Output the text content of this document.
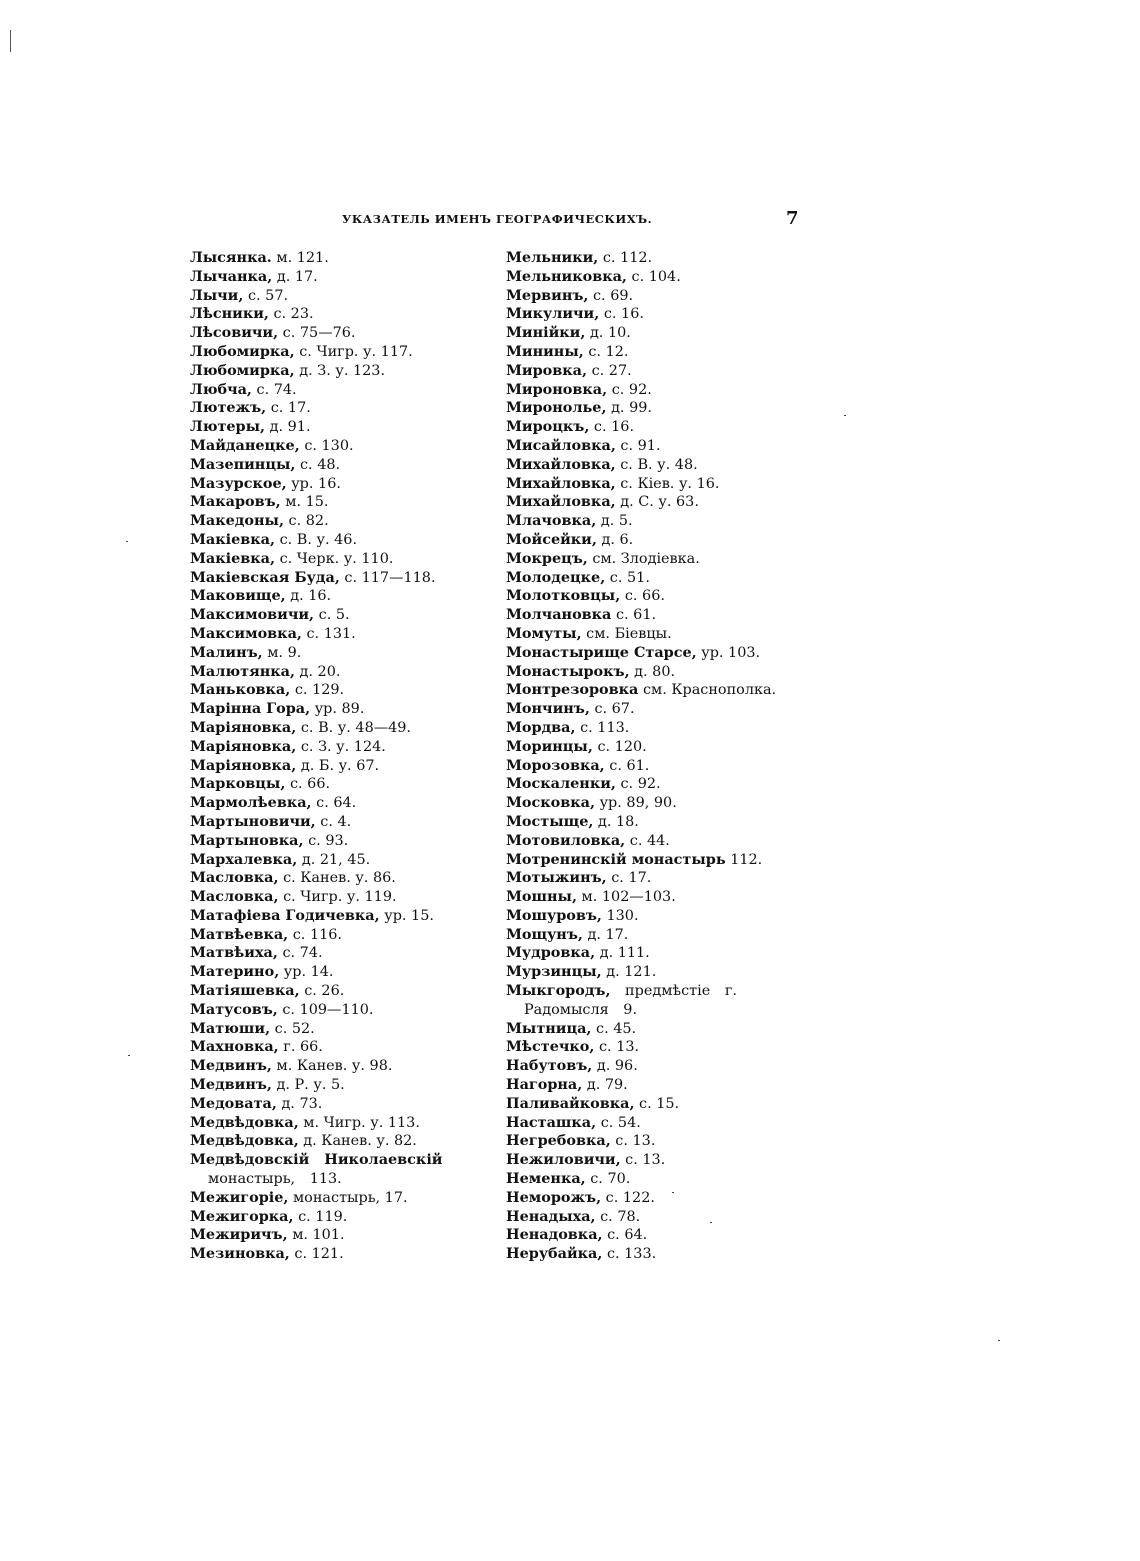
УКАЗАТЕЛЬ ИМЕНЪ ГЕОГРАФИЧЕСКИХЪ.	7
Лысянка. м. 121.
Лычанка, д. 17.
Лычи, с. 57.
Лѣсники, с. 23.
Лѣсовичи, с. 75—76.
Любомирка, с. Чигр. у. 117.
Любомирка, д. З. у. 123.
Любча, с. 74.
Лютежъ, с. 17.
Лютеры, д. 91.
Майданецке, с. 130.
Мазепинцы, с. 48.
Мазурское, ур. 16.
Макаровъ, м. 15.
Македоны, с. 82.
Макіевка, с. В. у. 46.
Макіевка, с. Черк. у. 110.
Макіевская Буда, с. 117—118.
Маковище, д. 16.
Максимовичи, с. 5.
Максимовка, с. 131.
Малинъ, м. 9.
Малютянка, д. 20.
Маньковка, с. 129.
Марінна Гора, ур. 89.
Маріяновка, с. В. у. 48—49.
Маріяновка, с. З. у. 124.
Маріяновка, д. Б. у. 67.
Марковцы, с. 66.
Мармолѣевка, с. 64.
Мартыновичи, с. 4.
Мартыновка, с. 93.
Мархалевка, д. 21, 45.
Масловка, с. Канев. у. 86.
Масловка, с. Чигр. у. 119.
Матафіева Годичевка, ур. 15.
Матвѣевка, с. 116.
Матвѣиха, с. 74.
Материно, ур. 14.
Матіяшевка, с. 26.
Матусовъ, с. 109—110.
Матюши, с. 52.
Махновка, г. 66.
Медвинъ, м. Канев. у. 98.
Медвинъ, д. Р. у. 5.
Медовата, д. 73.
Медвѣдовка, м. Чигр. у. 113.
Медвѣдовка, д. Канев. у. 82.
Медвѣдовскій Николаевскій монастырь, 113.
Межигоріе, монастырь, 17.
Межигорка, с. 119.
Межиричъ, м. 101.
Мезиновка, с. 121.
Мельники, с. 112.
Мельниковка, с. 104.
Мервинъ, с. 69.
Микуличи, с. 16.
Минійки, д. 10.
Минины, с. 12.
Мировка, с. 27.
Мироновка, с. 92.
Миронолье, д. 99.
Мироцкъ, с. 16.
Мисайловка, с. 91.
Михайловка, с. В. у. 48.
Михайловка, с. Кіев. у. 16.
Михайловка, д. С. у. 63.
Млачовка, д. 5.
Мойсейки, д. 6.
Мокрецъ, см. Злодіевка.
Молодецке, с. 51.
Молотковцы, с. 66.
Молчановка с. 61.
Момуты, см. Біевцы.
Монастырище Старсе, ур. 103.
Монастырокъ, д. 80.
Монтрезоровка см. Краснополка.
Мончинъ, с. 67.
Мордва, с. 113.
Моринцы, с. 120.
Морозовка, с. 61.
Москаленки, с. 92.
Московка, ур. 89, 90.
Мостыще, д. 18.
Мотовиловка, с. 44.
Мотренинскій монастырь 112.
Мотыжинъ, с. 17.
Мошны, м. 102—103.
Мошуровъ, 130.
Мощунъ, д. 17.
Мудровка, д. 111.
Мурзинцы, д. 121.
Мыкгородъ, предмѣстіе г. Радомысля 9.
Мытница, с. 45.
Мѣстечко, с. 13.
Набутовъ, д. 96.
Нагорна, д. 79.
Паливайковка, с. 15.
Насташка, с. 54.
Негребовка, с. 13.
Нежиловичи, с. 13.
Неменка, с. 70.
Неморожъ, с. 122.
Ненадыха, с. 78.
Ненадовка, с. 64.
Нерубайка, с. 133.
